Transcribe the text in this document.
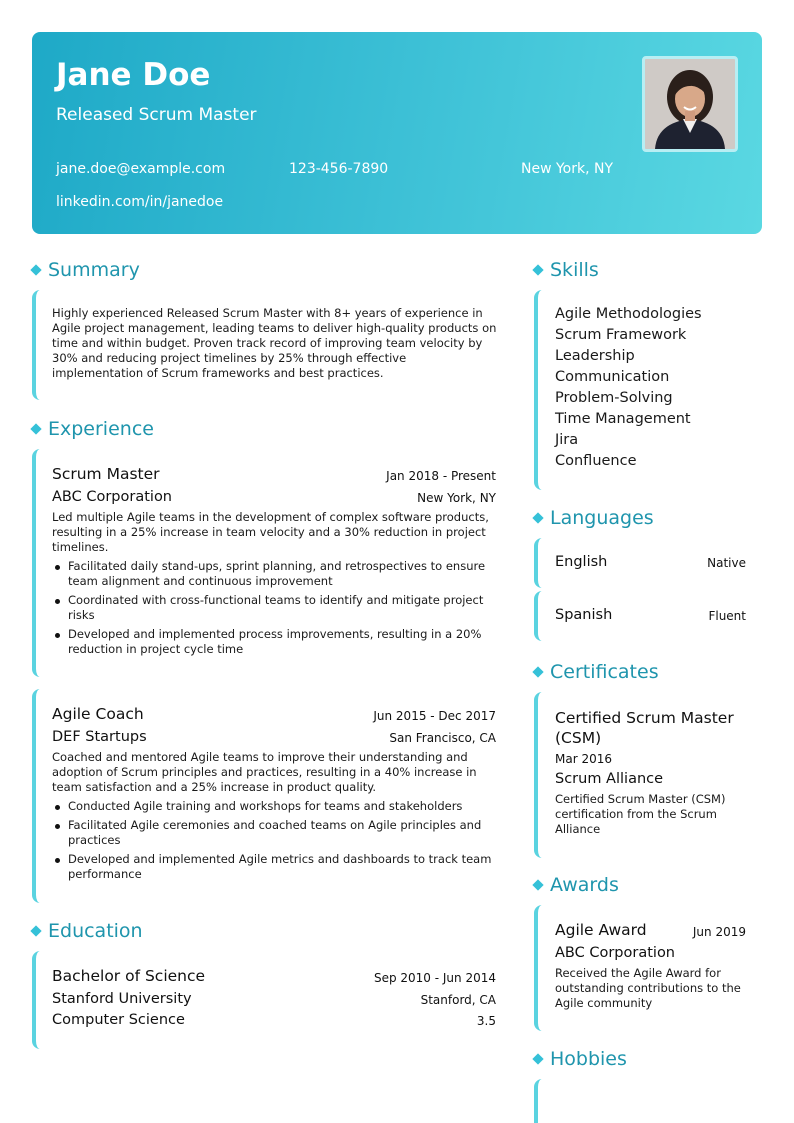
Jane Doe
Released Scrum Master
jane.doe@example.com	123-456-7890	New York, NY
linkedin.com/in/janedoe
Summary
Highly experienced Released Scrum Master with 8+ years of experience in Agile project management, leading teams to deliver high-quality products on time and within budget. Proven track record of improving team velocity by 30% and reducing project timelines by 25% through effective implementation of Scrum frameworks and best practices.
Experience
Scrum Master	Jan 2018 - Present
ABC Corporation	New York, NY
Led multiple Agile teams in the development of complex software products, resulting in a 25% increase in team velocity and a 30% reduction in project timelines.
Facilitated daily stand-ups, sprint planning, and retrospectives to ensure team alignment and continuous improvement
Coordinated with cross-functional teams to identify and mitigate project risks
Developed and implemented process improvements, resulting in a 20% reduction in project cycle time
Agile Coach	Jun 2015 - Dec 2017
DEF Startups	San Francisco, CA
Coached and mentored Agile teams to improve their understanding and adoption of Scrum principles and practices, resulting in a 40% increase in team satisfaction and a 25% increase in product quality.
Conducted Agile training and workshops for teams and stakeholders
Facilitated Agile ceremonies and coached teams on Agile principles and practices
Developed and implemented Agile metrics and dashboards to track team performance
Education
Bachelor of Science	Sep 2010 - Jun 2014
Stanford University	Stanford, CA
Computer Science	3.5
Skills
Agile Methodologies
Scrum Framework
Leadership
Communication
Problem-Solving
Time Management
Jira
Confluence
Languages
English	Native
Spanish	Fluent
Certificates
Certified Scrum Master (CSM)
Mar 2016
Scrum Alliance
Certified Scrum Master (CSM) certification from the Scrum Alliance
Awards
Agile Award	Jun 2019
ABC Corporation
Received the Agile Award for outstanding contributions to the Agile community
Hobbies
